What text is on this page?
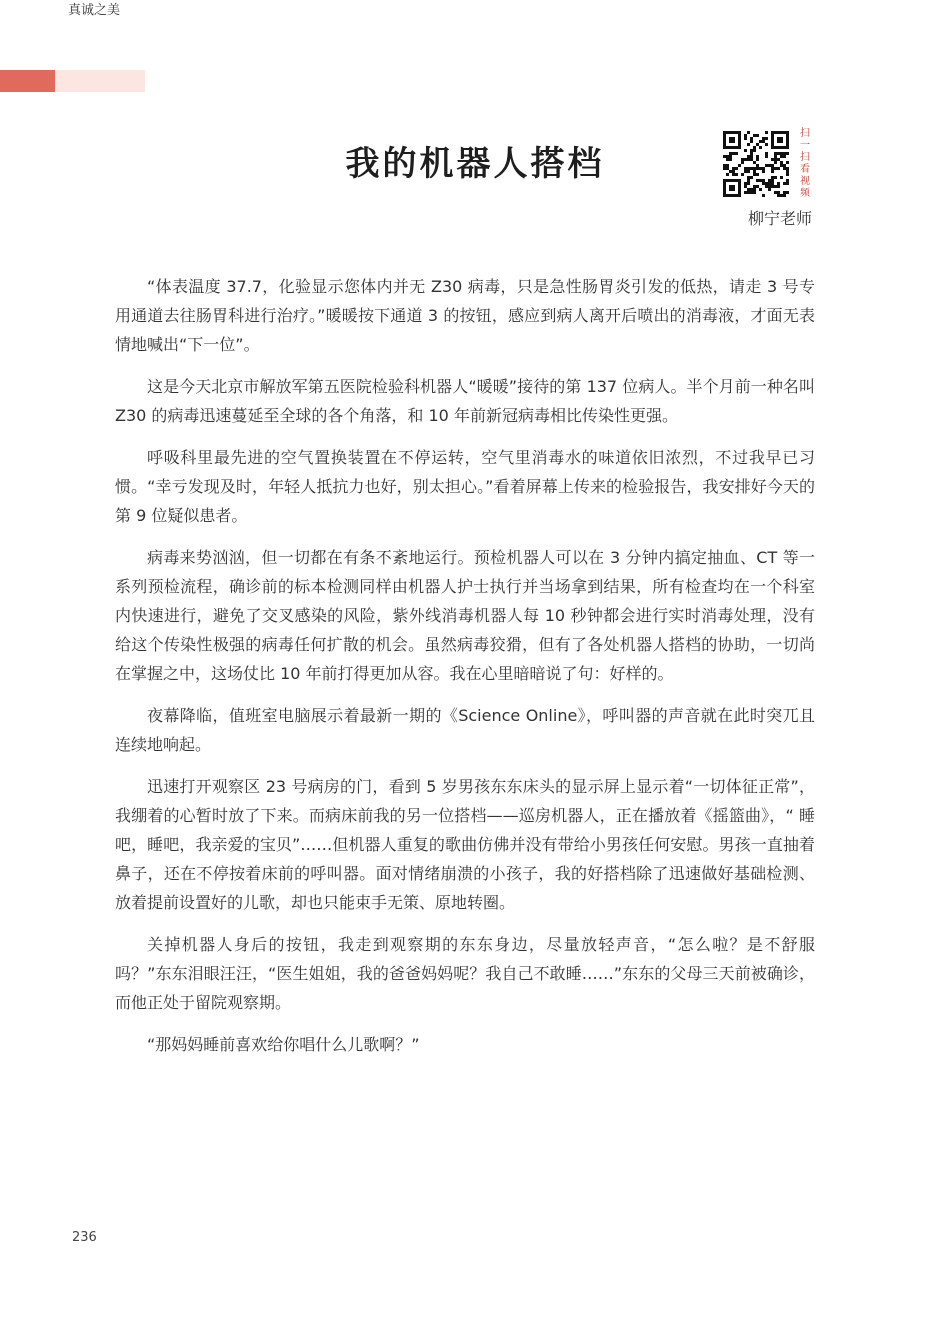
真诚之美
我的机器人搭档
扫一扫看视频
柳宁老师

“体表温度 37.7，化验显示您体内并无 Z30 病毒，只是急性肠胃炎引发的低热，请走 3 号专用通道去往肠胃科进行治疗。”暖暖按下通道 3 的按钮，感应到病人离开后喷出的消毒液，才面无表情地喊出“下一位”。

这是今天北京市解放军第五医院检验科机器人“暖暖”接待的第 137 位病人。半个月前一种名叫 Z30 的病毒迅速蔓延至全球的各个角落，和 10 年前新冠病毒相比传染性更强。

呼吸科里最先进的空气置换装置在不停运转，空气里消毒水的味道依旧浓烈，不过我早已习惯。“幸亏发现及时，年轻人抵抗力也好，别太担心。”看着屏幕上传来的检验报告，我安排好今天的第 9 位疑似患者。

病毒来势汹汹，但一切都在有条不紊地运行。预检机器人可以在 3 分钟内搞定抽血、CT 等一系列预检流程，确诊前的标本检测同样由机器人护士执行并当场拿到结果，所有检查均在一个科室内快速进行，避免了交叉感染的风险，紫外线消毒机器人每 10 秒钟都会进行实时消毒处理，没有给这个传染性极强的病毒任何扩散的机会。虽然病毒狡猾，但有了各处机器人搭档的协助，一切尚在掌握之中，这场仗比 10 年前打得更加从容。我在心里暗暗说了句：好样的。

夜幕降临，值班室电脑展示着最新一期的《Science Online》，呼叫器的声音就在此时突兀且连续地响起。

迅速打开观察区 23 号病房的门，看到 5 岁男孩东东床头的显示屏上显示着“一切体征正常”，我绷着的心暂时放了下来。而病床前我的另一位搭档——巡房机器人，正在播放着《摇篮曲》，“ 睡吧，睡吧，我亲爱的宝贝”……但机器人重复的歌曲仿佛并没有带给小男孩任何安慰。男孩一直抽着鼻子，还在不停按着床前的呼叫器。面对情绪崩溃的小孩子，我的好搭档除了迅速做好基础检测、放着提前设置好的儿歌，却也只能束手无策、原地转圈。

关掉机器人身后的按钮，我走到观察期的东东身边，尽量放轻声音，“怎么啦？是不舒服吗？”东东泪眼汪汪，“医生姐姐，我的爸爸妈妈呢？我自己不敢睡……”东东的父母三天前被确诊，而他正处于留院观察期。

“那妈妈睡前喜欢给你唱什么儿歌啊？”

236
